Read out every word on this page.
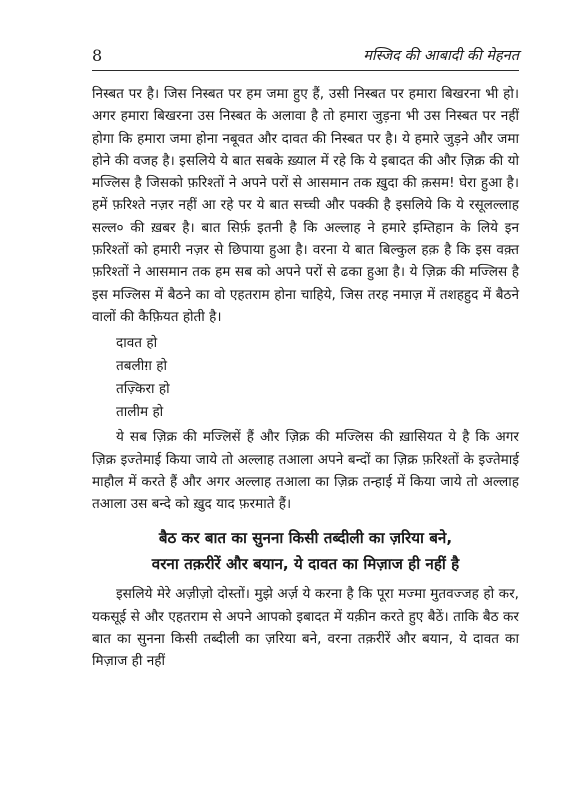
8	मस्जिद की आबादी की मेहनत

निस्बत पर है। जिस निस्बत पर हम जमा हुए हैं, उसी निस्बत पर हमारा बिखरना भी हो। अगर हमारा बिखरना उस निस्बत के अलावा है तो हमारा जुड़ना भी उस निस्बत पर नहीं होगा कि हमारा जमा होना नबूवत और दावत की निस्बत पर है। ये हमारे जुड़ने और जमा होने की वजह है। इसलिये ये बात सबके ख़्याल में रहे कि ये इबादत की और ज़िक्र की यो मज्लिस है जिसको फ़रिश्तों ने अपने परों से आसमान तक ख़ुदा की क़सम! घेरा हुआ है। हमें फ़रिश्ते नज़र नहीं आ रहे पर ये बात सच्ची और पक्की है इसलिये कि ये रसूलल्लाह सल्ल० की ख़बर है। बात सिर्फ़ इतनी है कि अल्लाह ने हमारे इम्तिहान के लिये इन फ़रिश्तों को हमारी नज़र से छिपाया हुआ है। वरना ये बात बिल्कुल हक़ है कि इस वक़्त फ़रिश्तों ने आसमान तक हम सब को अपने परों से ढका हुआ है। ये ज़िक्र की मज्लिस है इस मज्लिस में बैठने का वो एहतराम होना चाहिये, जिस तरह नमाज़ में तशहहुद में बैठने वालों की कैफ़ियत होती है।

दावत हो
तबलीग़ हो
तज़्किरा हो
तालीम हो

ये सब ज़िक्र की मज्लिसें हैं और ज़िक्र की मज्लिस की ख़ासियत ये है कि अगर ज़िक्र इज्तेमाई किया जाये तो अल्लाह तआला अपने बन्दों का ज़िक्र फ़रिश्तों के इज्तेमाई माहौल में करते हैं और अगर अल्लाह तआला का ज़िक्र तन्हाई में किया जाये तो अल्लाह तआला उस बन्दे को ख़ुद याद फ़रमाते हैं।

बैठ कर बात का सुनना किसी तब्दीली का ज़रिया बने,
वरना तक़रीरें और बयान, ये दावत का मिज़ाज ही नहीं है

इसलिये मेरे अज़ीज़ो दोस्तों। मुझे अर्ज़ ये करना है कि पूरा मज्मा मुतवज्जह हो कर, यकसूई से और एहतराम से अपने आपको इबादत में यक़ीन करते हुए बैठें। ताकि बैठ कर बात का सुनना किसी तब्दीली का ज़रिया बने, वरना तक़रीरें और बयान, ये दावत का मिज़ाज ही नहीं
